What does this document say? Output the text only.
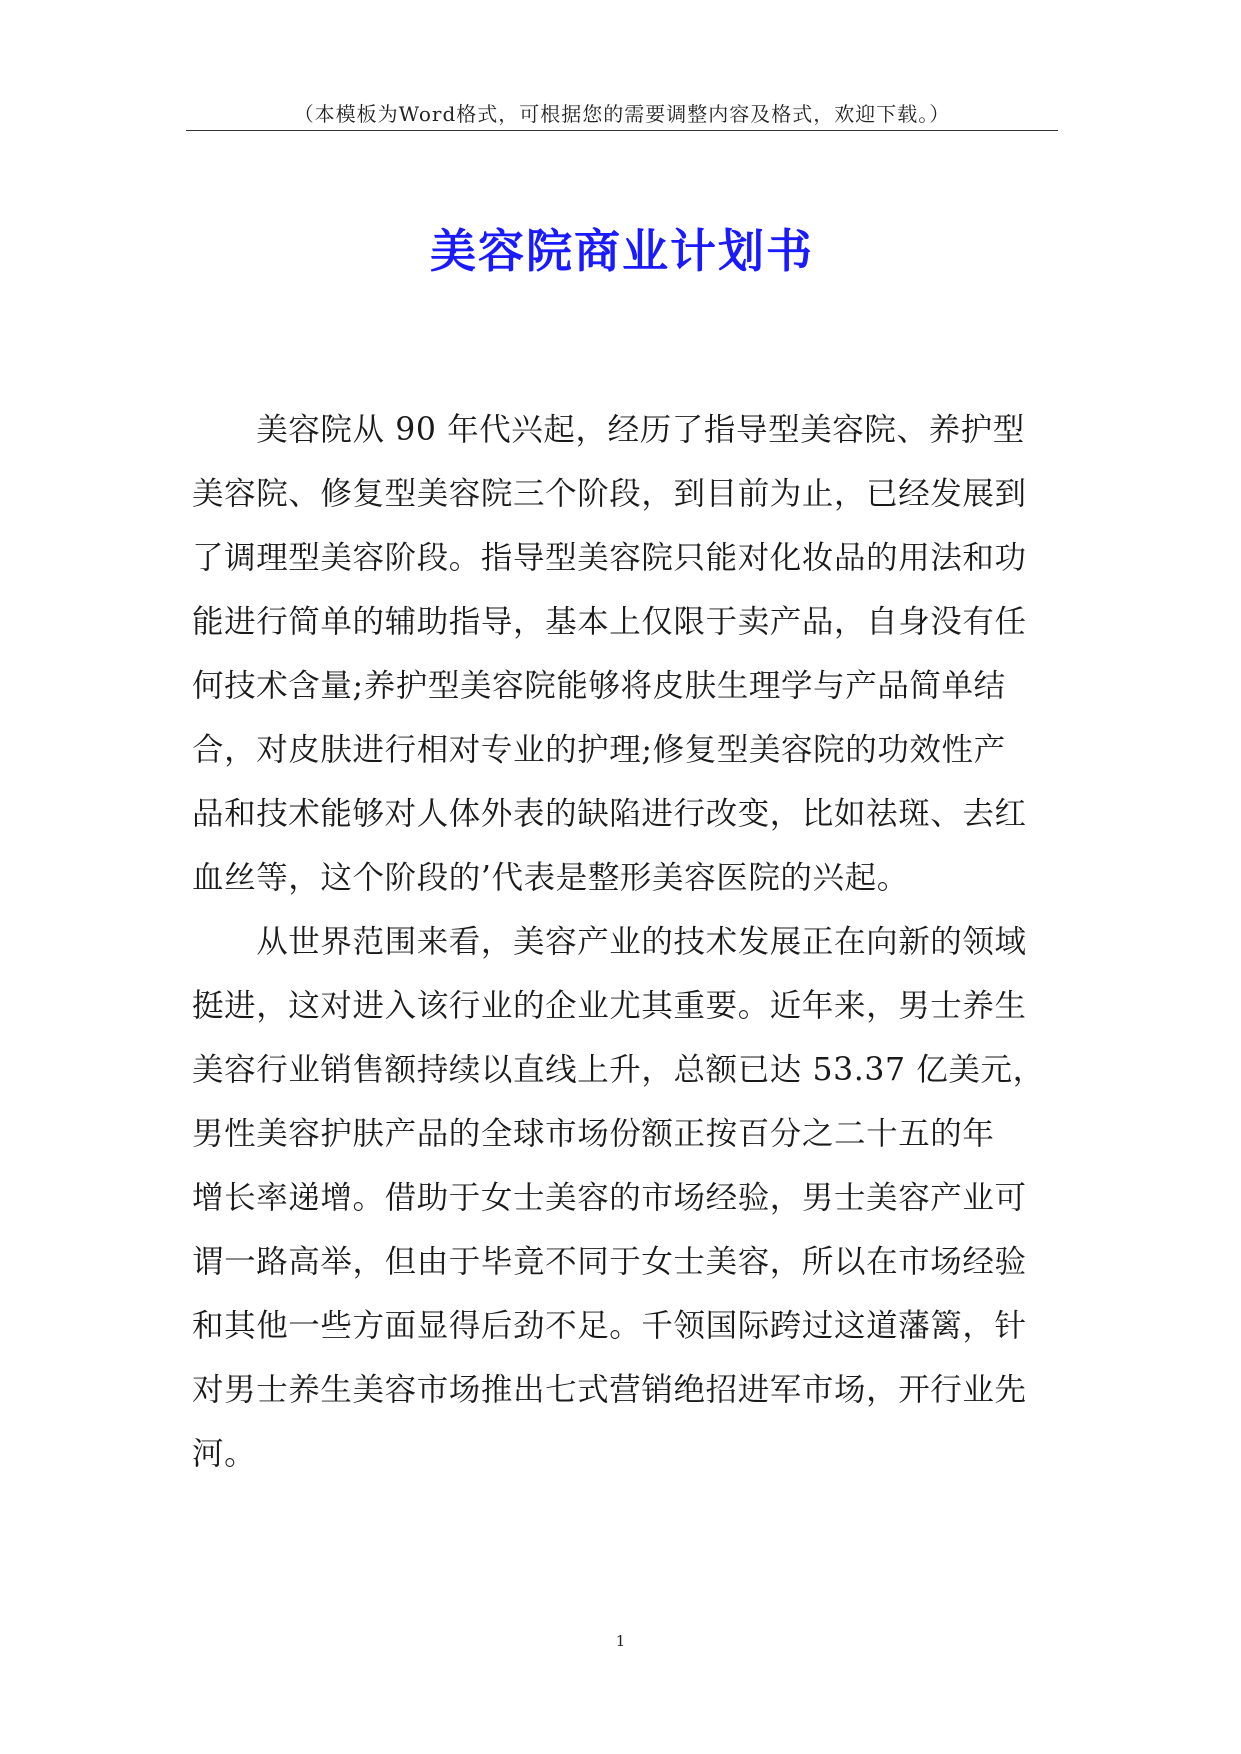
（本模板为Word格式，可根据您的需要调整内容及格式，欢迎下载。）
美容院商业计划书
　　美容院从 90 年代兴起，经历了指导型美容院、养护型
美容院、修复型美容院三个阶段，到目前为止，已经发展到
了调理型美容阶段。指导型美容院只能对化妆品的用法和功
能进行简单的辅助指导，基本上仅限于卖产品，自身没有任
何技术含量;养护型美容院能够将皮肤生理学与产品简单结
合，对皮肤进行相对专业的护理;修复型美容院的功效性产
品和技术能够对人体外表的缺陷进行改变，比如祛斑、去红
血丝等，这个阶段的’代表是整形美容医院的兴起。
　　从世界范围来看，美容产业的技术发展正在向新的领域
挺进，这对进入该行业的企业尤其重要。近年来，男士养生
美容行业销售额持续以直线上升，总额已达 53.37 亿美元，
男性美容护肤产品的全球市场份额正按百分之二十五的年
增长率递增。借助于女士美容的市场经验，男士美容产业可
谓一路高举，但由于毕竟不同于女士美容，所以在市场经验
和其他一些方面显得后劲不足。千领国际跨过这道藩篱，针
对男士养生美容市场推出七式营销绝招进军市场，开行业先
河。
1
